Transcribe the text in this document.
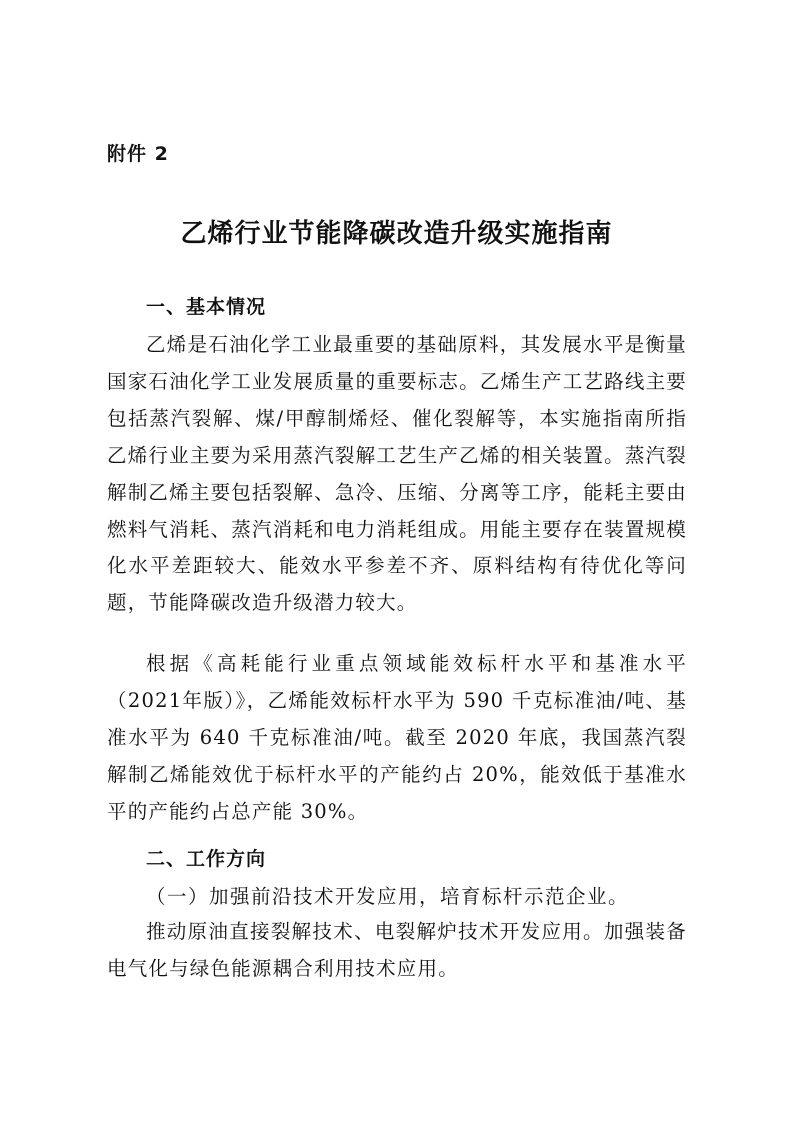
附件 2
乙烯行业节能降碳改造升级实施指南
一、基本情况

乙烯是石油化学工业最重要的基础原料，其发展水平是衡量国家石油化学工业发展质量的重要标志。乙烯生产工艺路线主要包括蒸汽裂解、煤/甲醇制烯烃、催化裂解等，本实施指南所指乙烯行业主要为采用蒸汽裂解工艺生产乙烯的相关装置。蒸汽裂解制乙烯主要包括裂解、急冷、压缩、分离等工序，能耗主要由燃料气消耗、蒸汽消耗和电力消耗组成。用能主要存在装置规模化水平差距较大、能效水平参差不齐、原料结构有待优化等问题，节能降碳改造升级潜力较大。

根据《高耗能行业重点领域能效标杆水平和基准水平（2021年版）》，乙烯能效标杆水平为 590 千克标准油/吨、基准水平为 640 千克标准油/吨。截至 2020 年底，我国蒸汽裂解制乙烯能效优于标杆水平的产能约占 20%，能效低于基准水平的产能约占总产能 30%。

二、工作方向
（一）加强前沿技术开发应用，培育标杆示范企业。

推动原油直接裂解技术、电裂解炉技术开发应用。加强装备电气化与绿色能源耦合利用技术应用。
